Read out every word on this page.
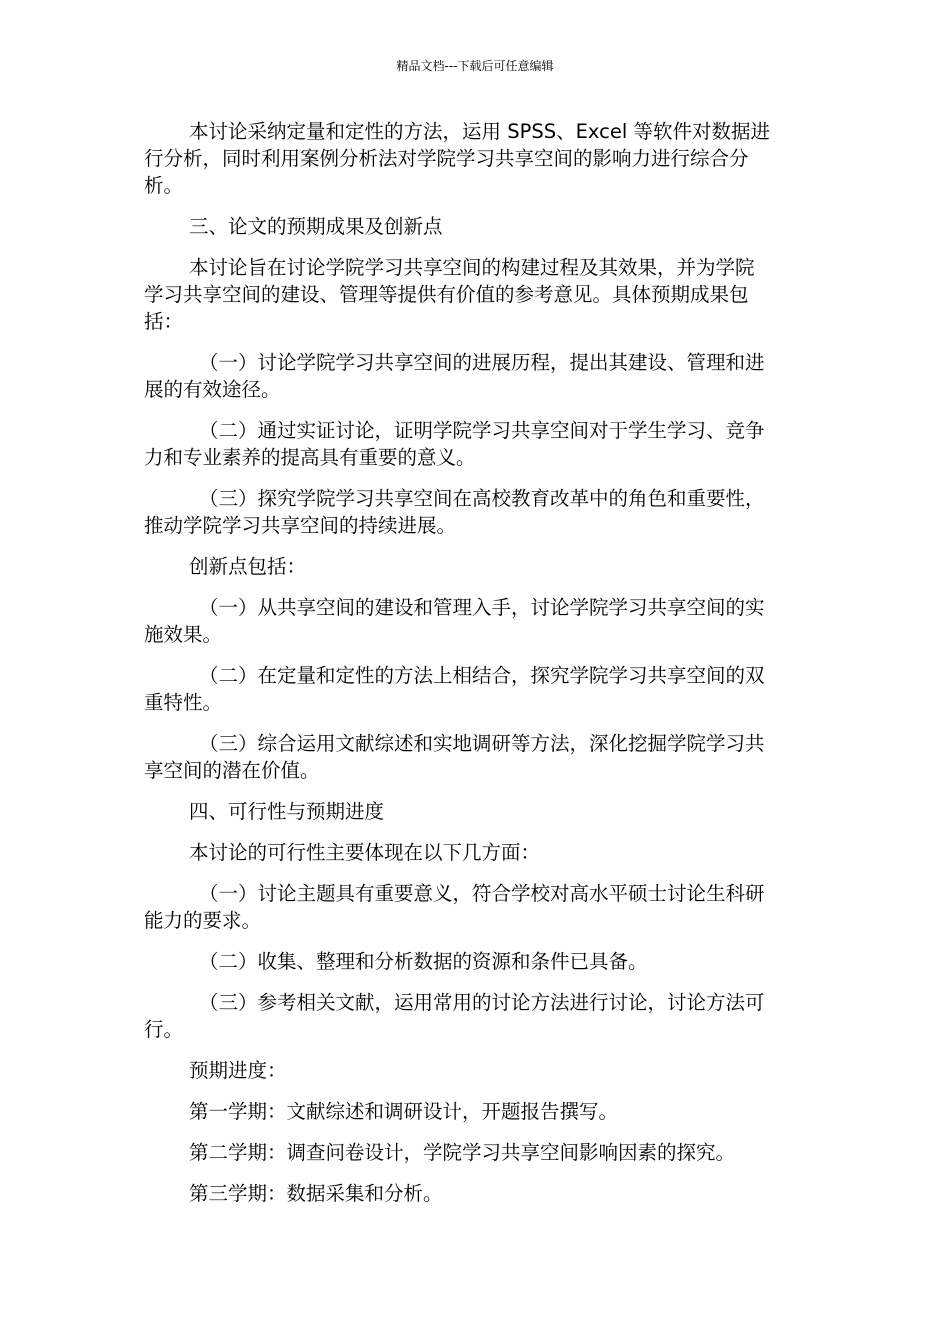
精品文档---下载后可任意编辑
本讨论采纳定量和定性的方法，运用 SPSS、Excel 等软件对数据进
行分析，同时利用案例分析法对学院学习共享空间的影响力进行综合分
析。
三、论文的预期成果及创新点
本讨论旨在讨论学院学习共享空间的构建过程及其效果，并为学院
学习共享空间的建设、管理等提供有价值的参考意见。具体预期成果包
括：
（一）讨论学院学习共享空间的进展历程，提出其建设、管理和进
展的有效途径。
（二）通过实证讨论，证明学院学习共享空间对于学生学习、竞争
力和专业素养的提高具有重要的意义。
（三）探究学院学习共享空间在高校教育改革中的角色和重要性，
推动学院学习共享空间的持续进展。
创新点包括：
（一）从共享空间的建设和管理入手，讨论学院学习共享空间的实
施效果。
（二）在定量和定性的方法上相结合，探究学院学习共享空间的双
重特性。
（三）综合运用文献综述和实地调研等方法，深化挖掘学院学习共
享空间的潜在价值。
四、可行性与预期进度
本讨论的可行性主要体现在以下几方面：
（一）讨论主题具有重要意义，符合学校对高水平硕士讨论生科研
能力的要求。
（二）收集、整理和分析数据的资源和条件已具备。
（三）参考相关文献，运用常用的讨论方法进行讨论，讨论方法可
行。
预期进度：
第一学期：文献综述和调研设计，开题报告撰写。
第二学期：调查问卷设计，学院学习共享空间影响因素的探究。
第三学期：数据采集和分析。
